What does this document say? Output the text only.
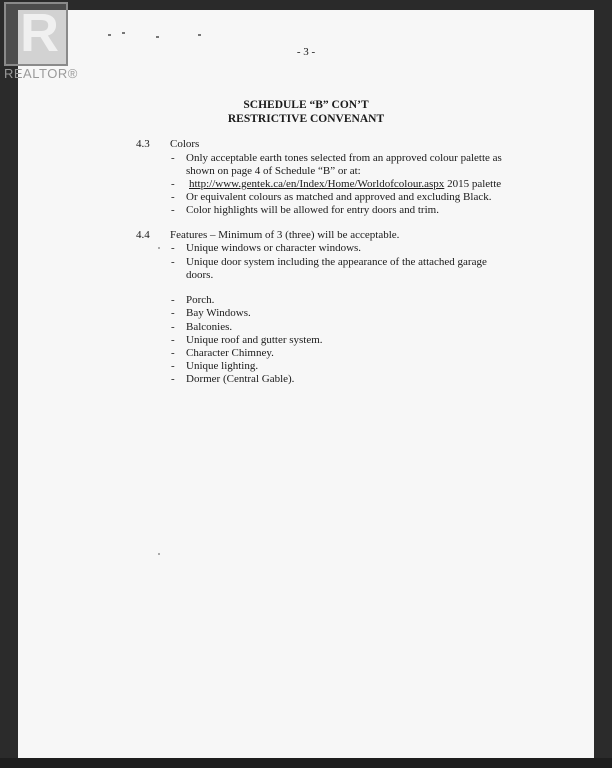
- 3 -
SCHEDULE “B” CON’T
RESTRICTIVE CONVENANT
4.3 Colors
- Only acceptable earth tones selected from an approved colour palette as
shown on page 4 of Schedule “B” or at:
- http://www.gentek.ca/en/Index/Home/Worldofcolour.aspx 2015 palette
- Or equivalent colours as matched and approved and excluding Black.
- Color highlights will be allowed for entry doors and trim.
4.4 Features – Minimum of 3 (three) will be acceptable.
- Unique windows or character windows.
- Unique door system including the appearance of the attached garage
doors.
- Porch.
- Bay Windows.
- Balconies.
- Unique roof and gutter system.
- Character Chimney.
- Unique lighting.
- Dormer (Central Gable).
R
REALTOR®
